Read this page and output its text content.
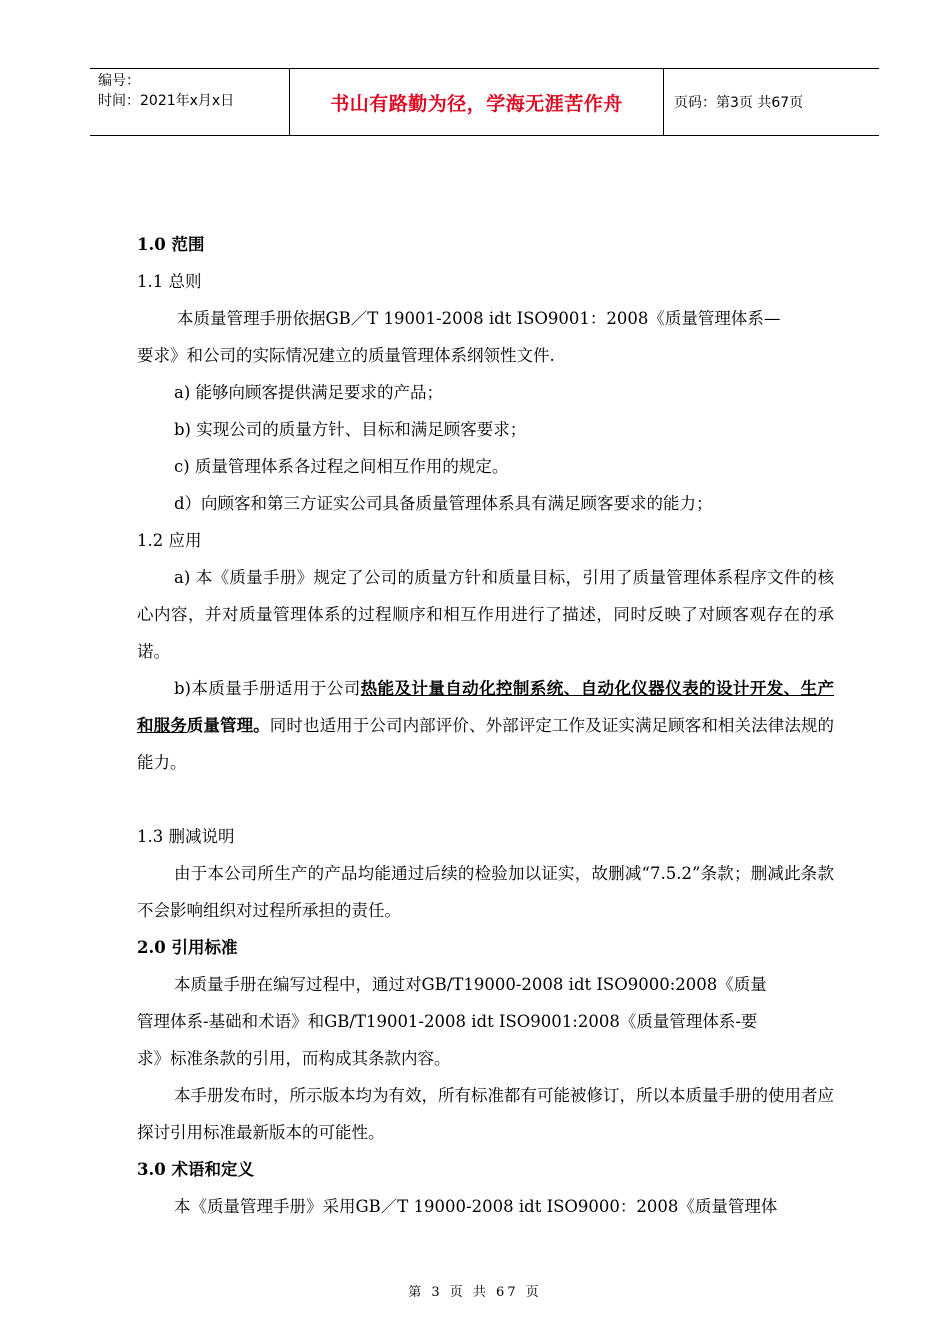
编号：
时间：2021年x月x日	书山有路勤为径，学海无涯苦作舟	页码：第3页 共67页

1.0 范围

1.1 总则

本质量管理手册依据GB／T 19001-2008 idt ISO9001：2008《质量管理体系—

要求》和公司的实际情况建立的质量管理体系纲领性文件.

a) 能够向顾客提供满足要求的产品；

b) 实现公司的质量方针、目标和满足顾客要求；

c) 质量管理体系各过程之间相互作用的规定。

d）向顾客和第三方证实公司具备质量管理体系具有满足顾客要求的能力；

1.2 应用

a) 本《质量手册》规定了公司的质量方针和质量目标，引用了质量管理体系程序文件的核心内容，并对质量管理体系的过程顺序和相互作用进行了描述，同时反映了对顾客观存在的承诺。

b)本质量手册适用于公司热能及计量自动化控制系统、自动化仪器仪表的设计开发、生产和服务质量管理。同时也适用于公司内部评价、外部评定工作及证实满足顾客和相关法律法规的能力。

1.3 删减说明

由于本公司所生产的产品均能通过后续的检验加以证实，故删减“7.5.2”条款；删减此条款不会影响组织对过程所承担的责任。

2.0 引用标准

本质量手册在编写过程中，通过对GB/T19000-2008 idt ISO9000:2008《质量

管理体系-基础和术语》和GB/T19001-2008 idt ISO9001:2008《质量管理体系-要

求》标准条款的引用，而构成其条款内容。

本手册发布时，所示版本均为有效，所有标准都有可能被修订，所以本质量手册的使用者应探讨引用标准最新版本的可能性。

3.0 术语和定义

本《质量管理手册》采用GB／T 19000-2008 idt ISO9000：2008《质量管理体

第 3 页 共 67 页
